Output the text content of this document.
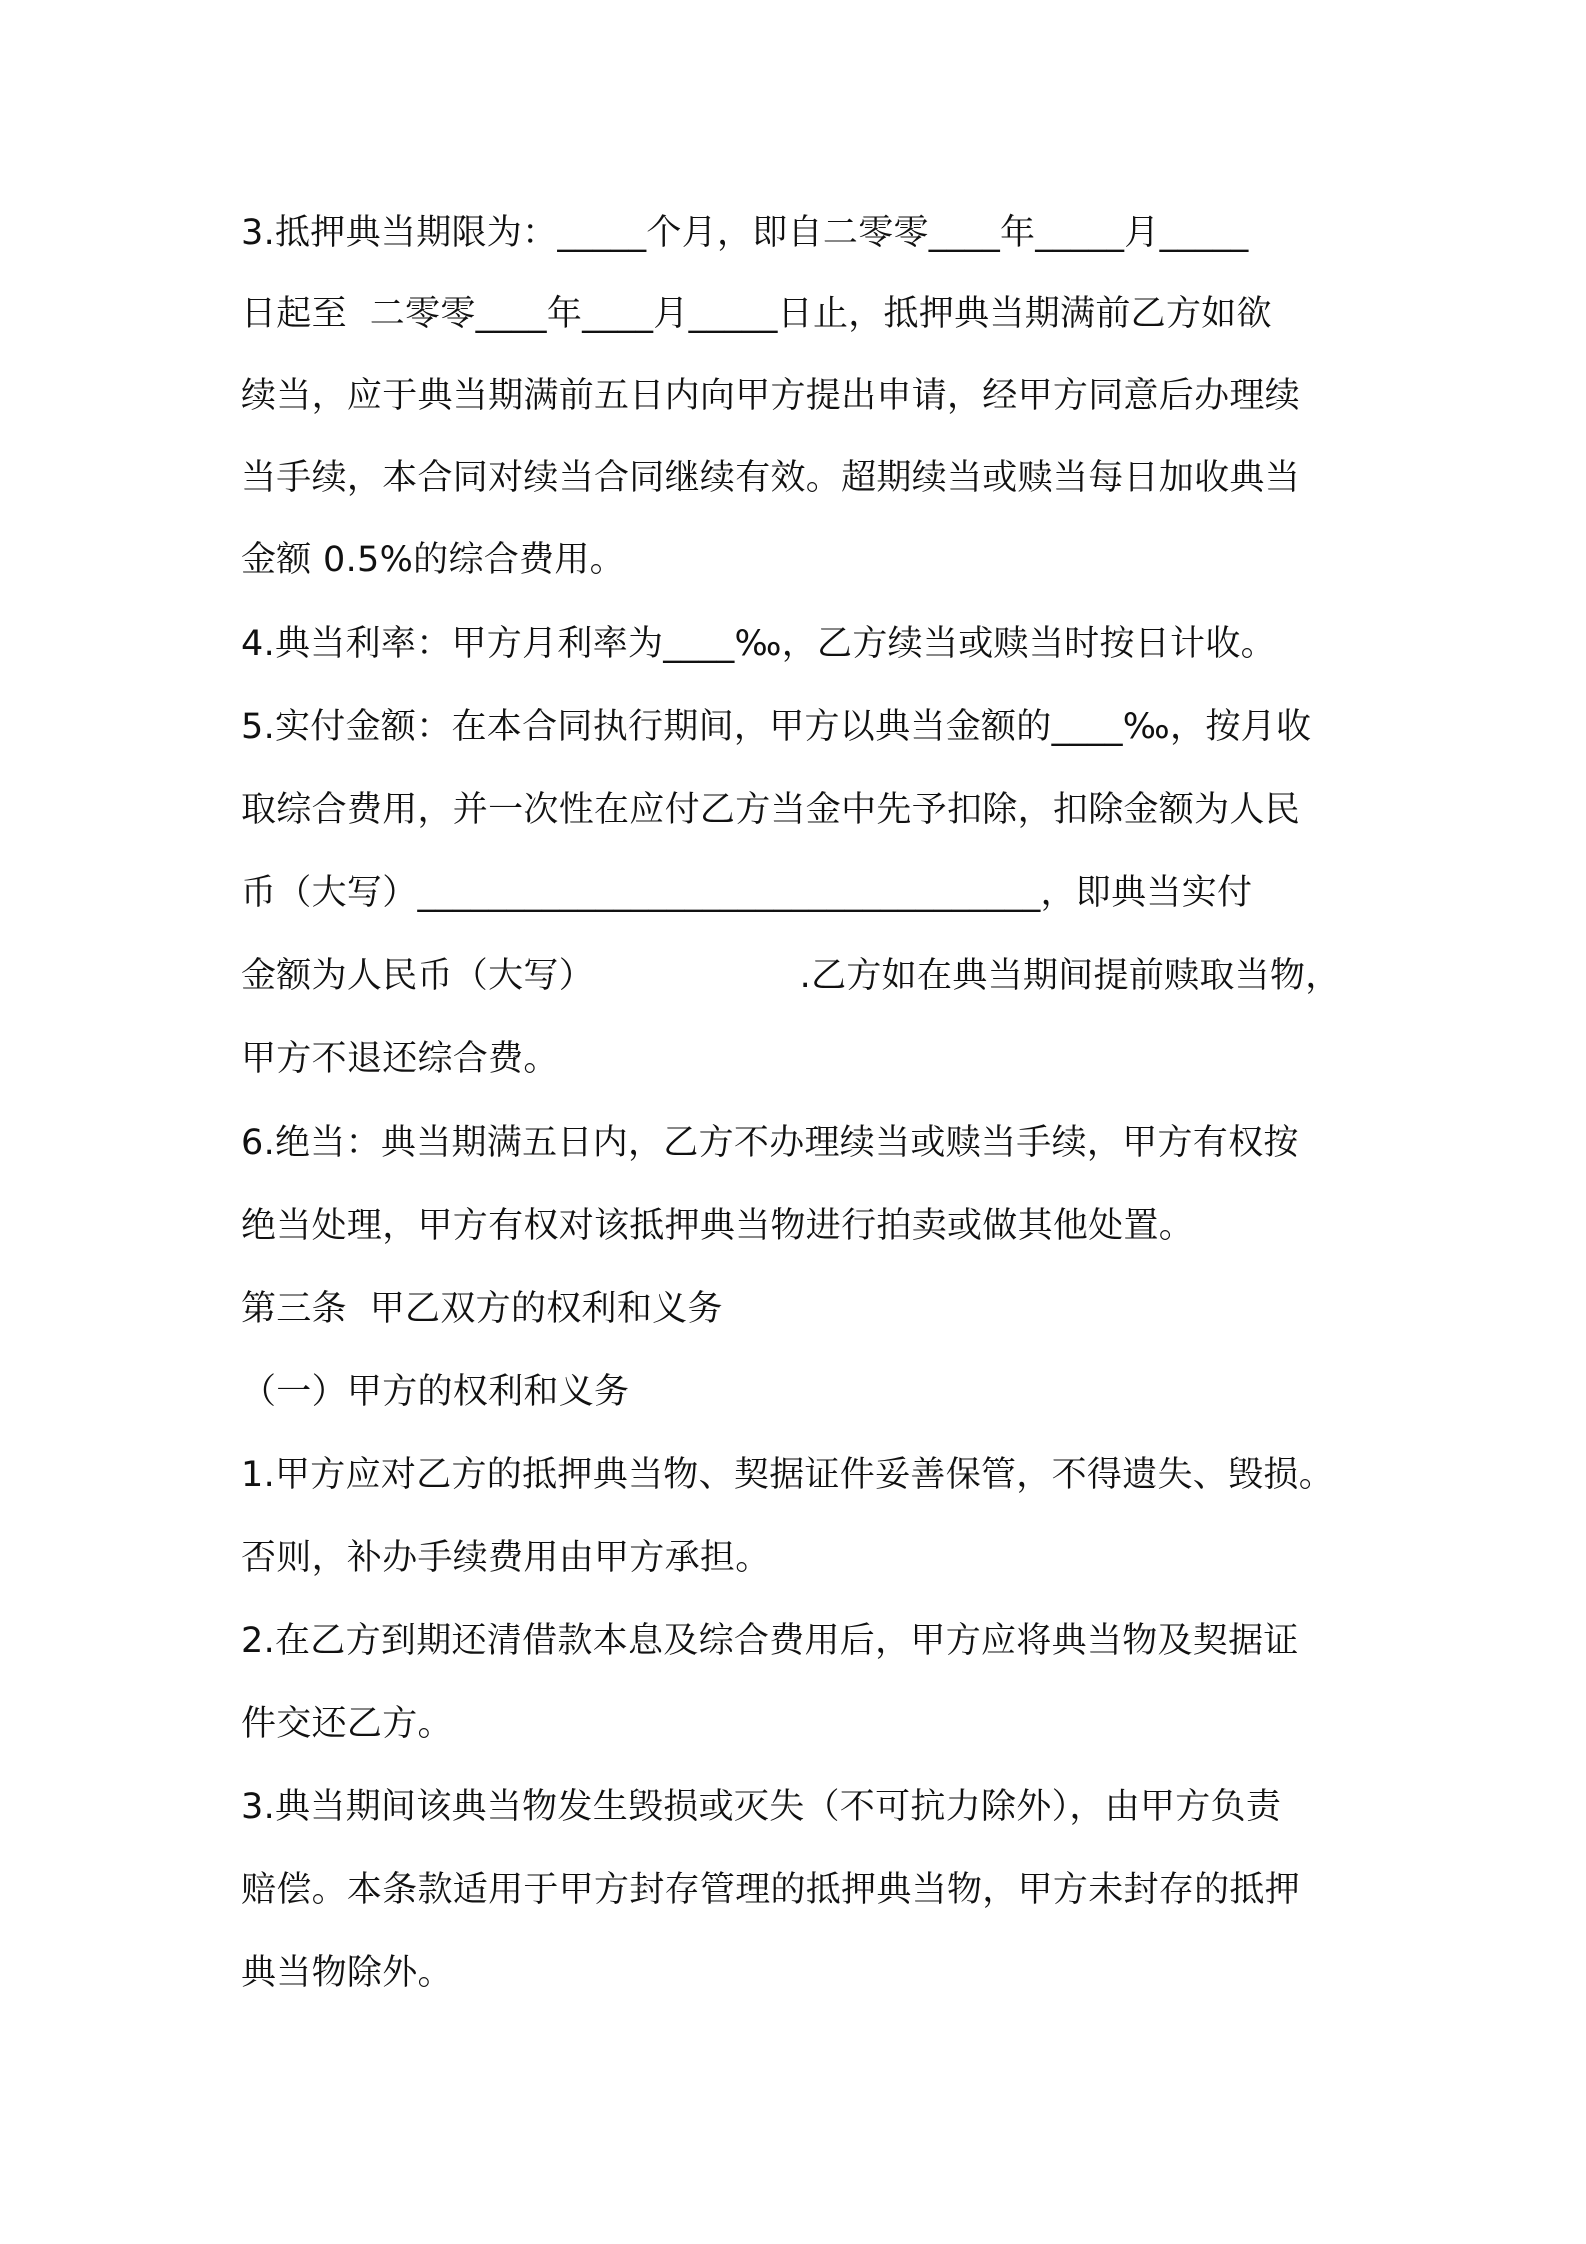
3.抵押典当期限为：_____个月，即自二零零____年_____月_____
日起至  二零零____年____月_____日止，抵押典当期满前乙方如欲
续当，应于典当期满前五日内向甲方提出申请，经甲方同意后办理续
当手续，本合同对续当合同继续有效。超期续当或赎当每日加收典当
金额 0.5%的综合费用。
4.典当利率：甲方月利率为____‰，乙方续当或赎当时按日计收。
5.实付金额：在本合同执行期间，甲方以典当金额的____‰，按月收
取综合费用，并一次性在应付乙方当金中先予扣除，扣除金额为人民
币（大写）___________________________________，即典当实付
金额为人民币（大写）                  .乙方如在典当期间提前赎取当物，
甲方不退还综合费。
6.绝当：典当期满五日内，乙方不办理续当或赎当手续，甲方有权按
绝当处理，甲方有权对该抵押典当物进行拍卖或做其他处置。
第三条  甲乙双方的权利和义务
（一）甲方的权利和义务
1.甲方应对乙方的抵押典当物、契据证件妥善保管，不得遗失、毁损。
否则，补办手续费用由甲方承担。
2.在乙方到期还清借款本息及综合费用后，甲方应将典当物及契据证
件交还乙方。
3.典当期间该典当物发生毁损或灭失（不可抗力除外），由甲方负责
赔偿。本条款适用于甲方封存管理的抵押典当物，甲方未封存的抵押
典当物除外。
